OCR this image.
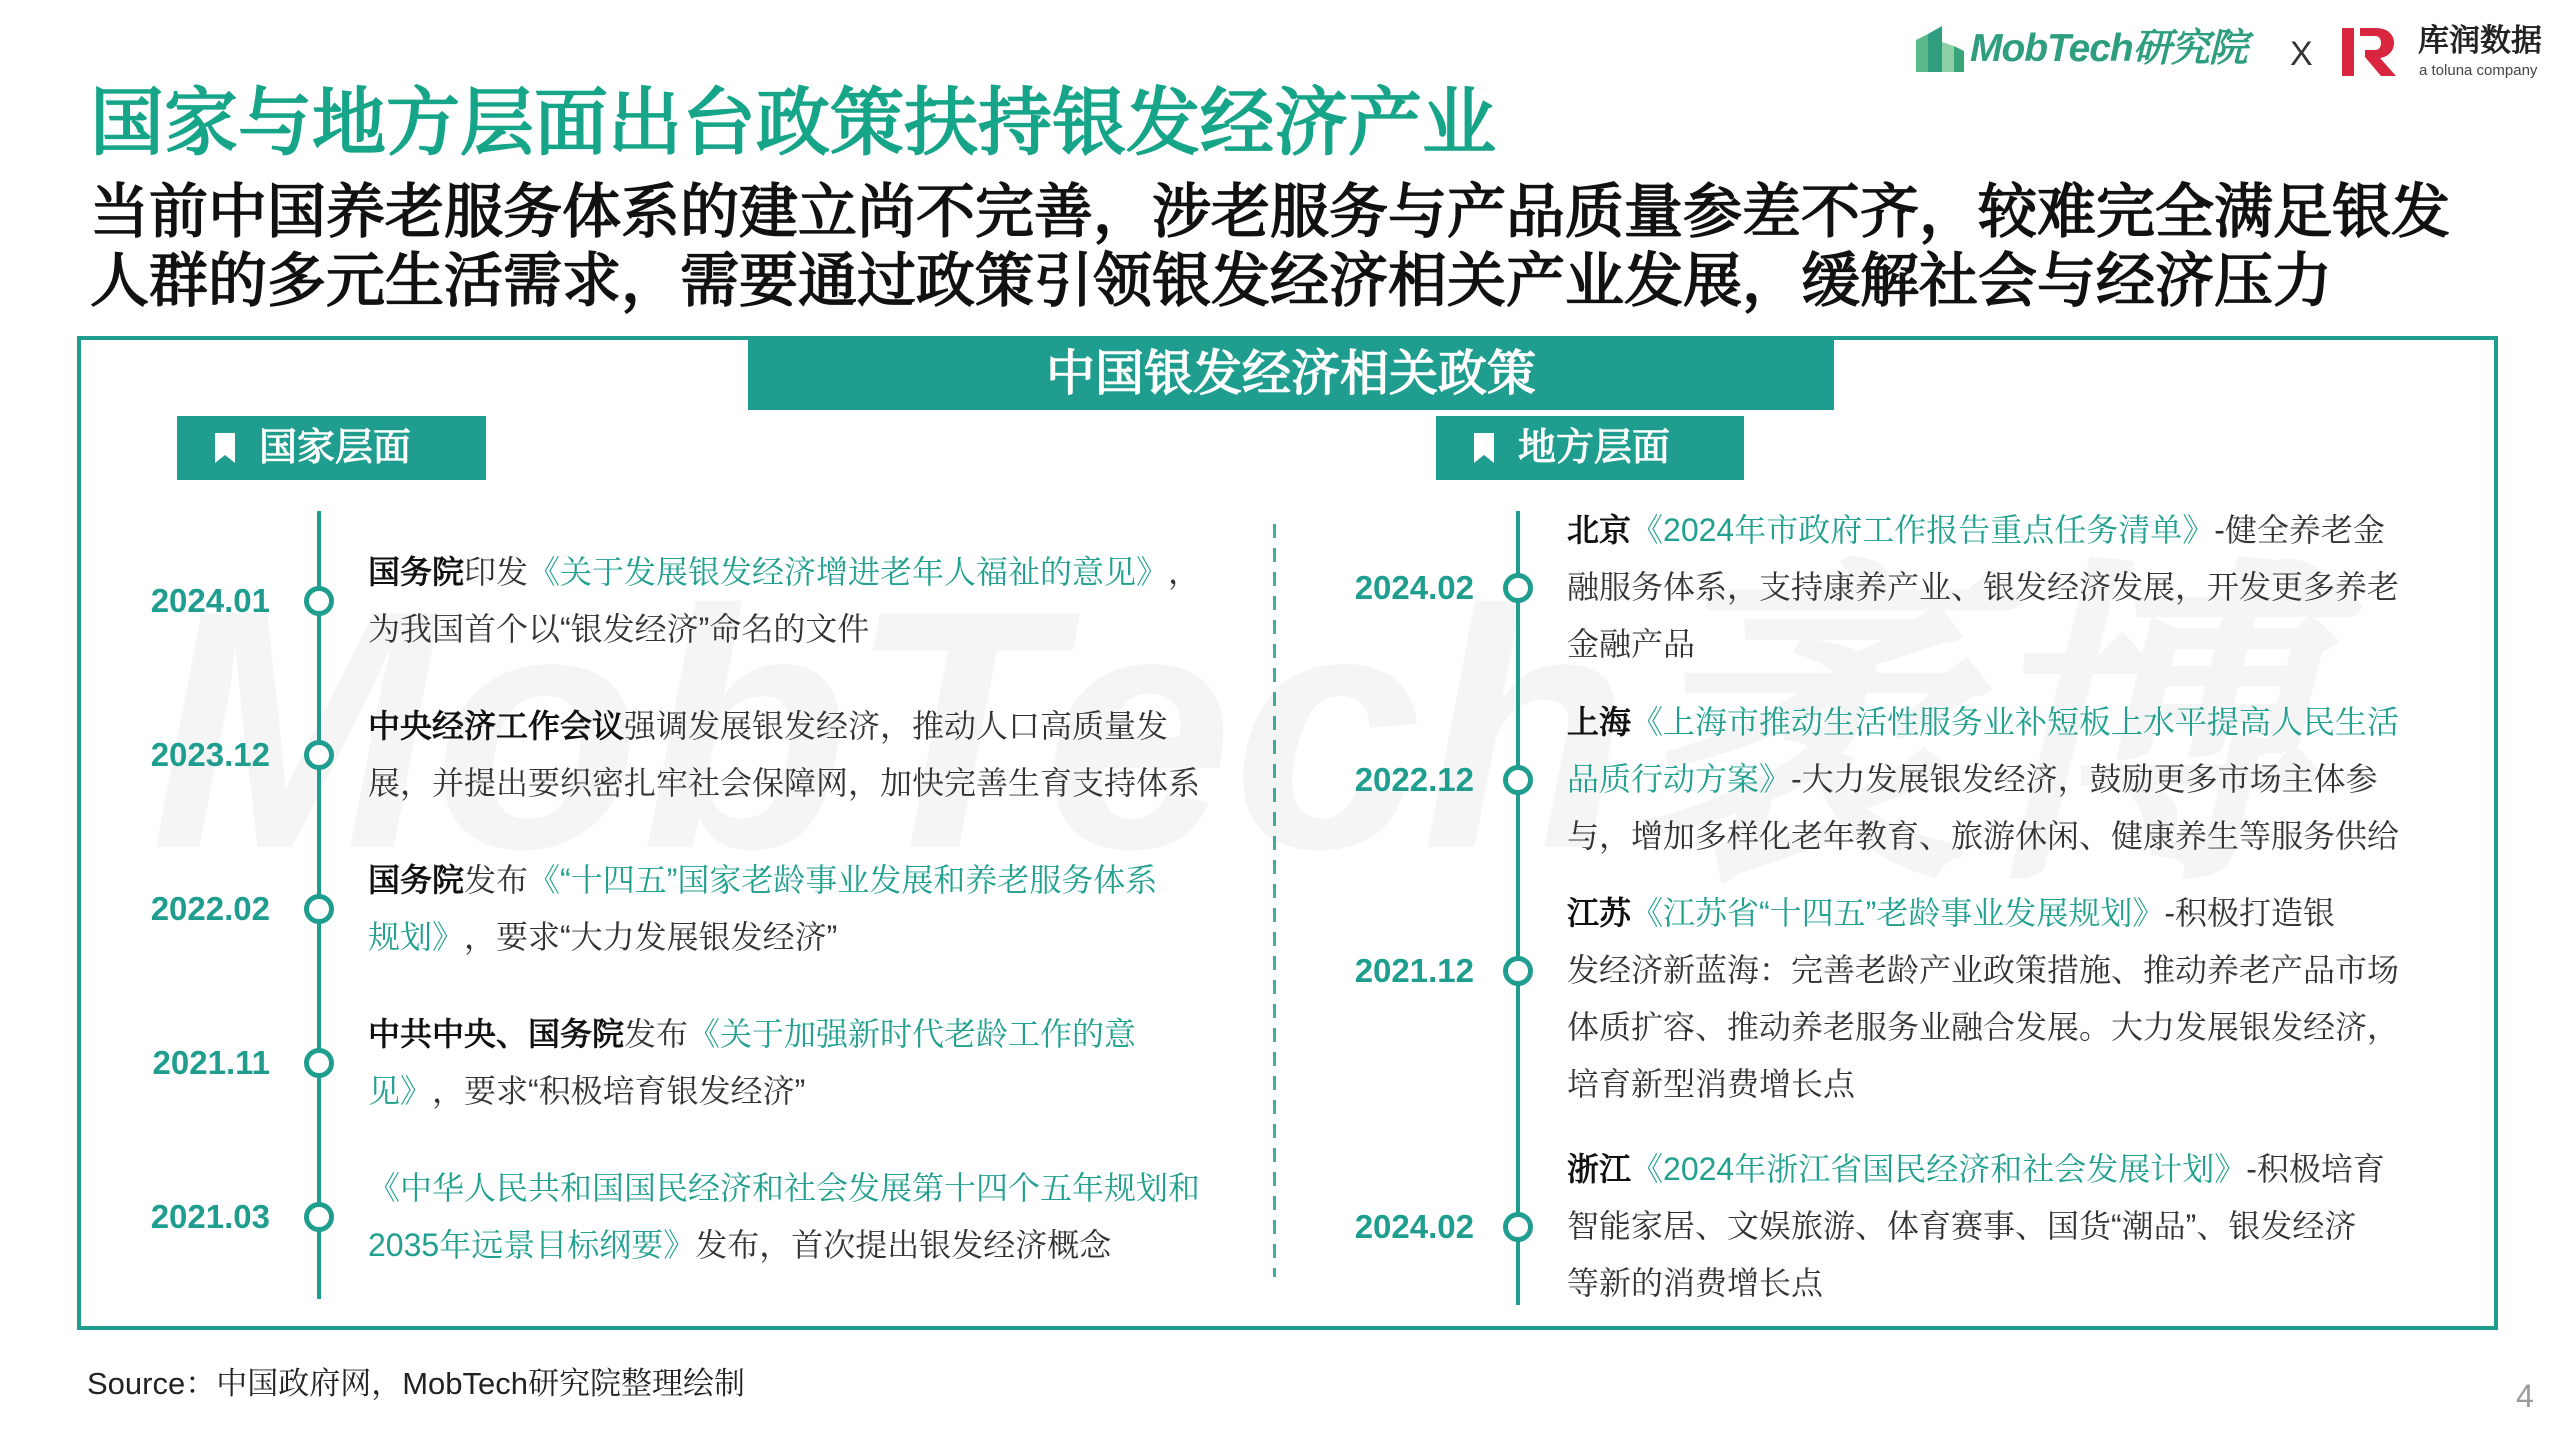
MobTech研究院 X	库润数据
a toluna company
国家与地方层面出台政策扶持银发经济产业
当前中国养老服务体系的建立尚不完善，涉老服务与产品质量参差不齐，较难完全满足银发
人群的多元生活需求，需要通过政策引领银发经济相关产业发展，缓解社会与经济压力
中国银发经济相关政策
国家层面
2024.01
国务院 印发 《关于发展银发经济增进老年人福祉的意见》 ，
为我国首个以“银发经济”命名的文件
2023.12
中央经济工作会议 强调发展银发经济，推动人口高质量发
展，并提出要织密扎牢社会保障网，加快完善生育支持体系
2022.02
国务院 发布 《“十四五”国家老龄事业发展和养老服务体系
规划》 ，要求“大力发展银发经济”
2021.11
中共中央、国务院 发布 《关于加强新时代老龄工作的意
见》 ，要求“积极培育银发经济”
2021.03
《中华人民共和国国民经济和社会发展第十四个五年规划和
2035年远景目标纲要》 发布，首次提出银发经济概念
地方层面
2024.02
北京 《2024年市政府工作报告重点任务清单》 -健全养老金
融服务体系，支持康养产业、银发经济发展，开发更多养老
金融产品
2022.12
上海 《上海市推动生活性服务业补短板上水平提高人民生活
品质行动方案》 -大力发展银发经济，鼓励更多市场主体参
与，增加多样化老年教育、旅游休闲、健康养生等服务供给
2021.12
江苏 《江苏省“十四五”老龄事业发展规划》 -积极打造银
发经济新蓝海：完善老龄产业政策措施、推动养老产品市场
体质扩容、推动养老服务业融合发展。大力发展银发经济，
培育新型消费增长点
2024.02
浙江 《2024年浙江省国民经济和社会发展计划》 -积极培育
智能家居、文娱旅游、体育赛事、国货“潮品”、银发经济
等新的消费增长点
Source：中国政府网，MobTech研究院整理绘制	4
